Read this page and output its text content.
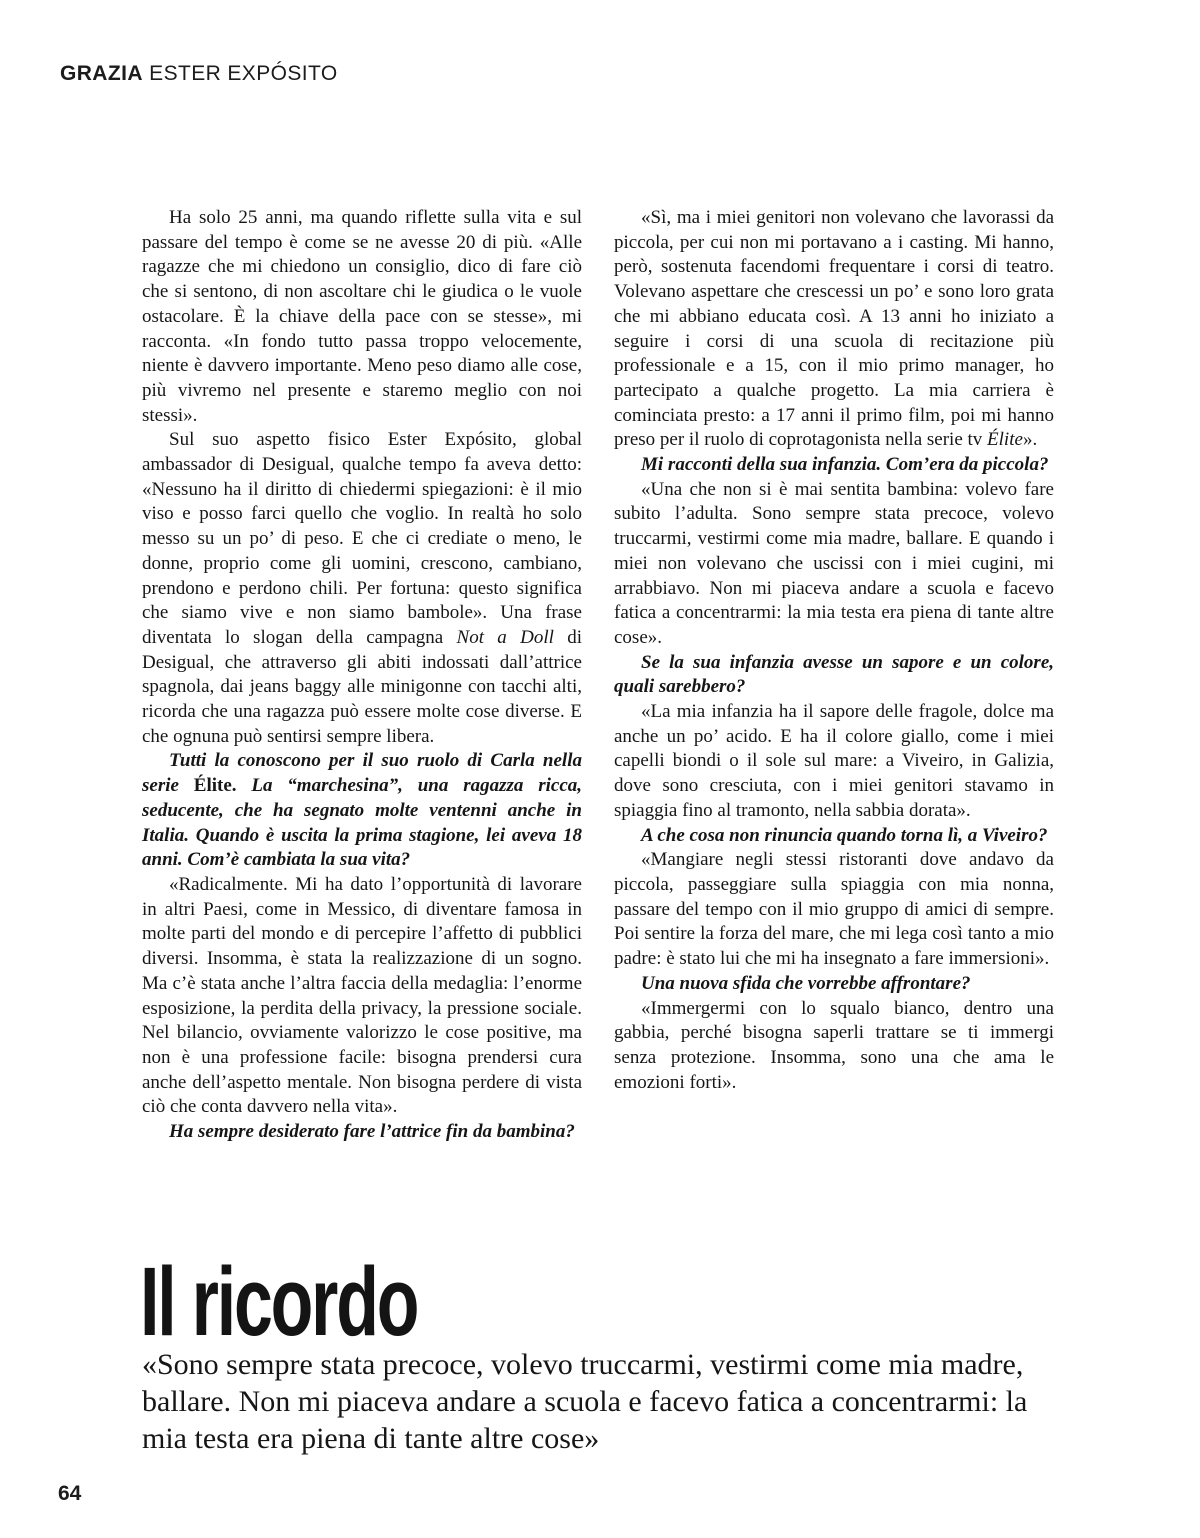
GRAZIA ESTER EXPÓSITO

Ha solo 25 anni, ma quando riflette sulla vita e sul passare del tempo è come se ne avesse 20 di più. «Alle ragazze che mi chiedono un consiglio, dico di fare ciò che si sentono, di non ascoltare chi le giudica o le vuole ostacolare. È la chiave della pace con se stesse», mi racconta. «In fondo tutto passa troppo velocemente, niente è davvero importante. Meno peso diamo alle cose, più vivremo nel presente e staremo meglio con noi stessi».

Sul suo aspetto fisico Ester Expósito, global ambassador di Desigual, qualche tempo fa aveva detto: «Nessuno ha il diritto di chiedermi spiegazioni: è il mio viso e posso farci quello che voglio. In realtà ho solo messo su un po’ di peso. E che ci crediate o meno, le donne, proprio come gli uomini, crescono, cambiano, prendono e perdono chili. Per fortuna: questo significa che siamo vive e non siamo bambole». Una frase diventata lo slogan della campagna Not a Doll di Desigual, che attraverso gli abiti indossati dall’attrice spagnola, dai jeans baggy alle minigonne con tacchi alti, ricorda che una ragazza può essere molte cose diverse. E che ognuna può sentirsi sempre libera.

Tutti la conoscono per il suo ruolo di Carla nella serie Élite. La “marchesina”, una ragazza ricca, seducente, che ha segnato molte ventenni anche in Italia. Quando è uscita la prima stagione, lei aveva 18 anni. Com’è cambiata la sua vita?

«Radicalmente. Mi ha dato l’opportunità di lavorare in altri Paesi, come in Messico, di diventare famosa in molte parti del mondo e di percepire l’affetto di pubblici diversi. Insomma, è stata la realizzazione di un sogno. Ma c’è stata anche l’altra faccia della medaglia: l’enorme esposizione, la perdita della privacy, la pressione sociale. Nel bilancio, ovviamente valorizzo le cose positive, ma non è una professione facile: bisogna prendersi cura anche dell’aspetto mentale. Non bisogna perdere di vista ciò che conta davvero nella vita».

Ha sempre desiderato fare l’attrice fin da bambina?

«Sì, ma i miei genitori non volevano che lavorassi da piccola, per cui non mi portavano a i casting. Mi hanno, però, sostenuta facendomi frequentare i corsi di teatro. Volevano aspettare che crescessi un po’ e sono loro grata che mi abbiano educata così. A 13 anni ho iniziato a seguire i corsi di una scuola di recitazione più professionale e a 15, con il mio primo manager, ho partecipato a qualche progetto. La mia carriera è cominciata presto: a 17 anni il primo film, poi mi hanno preso per il ruolo di coprotagonista nella serie tv Élite».

Mi racconti della sua infanzia. Com’era da piccola?

«Una che non si è mai sentita bambina: volevo fare subito l’adulta. Sono sempre stata precoce, volevo truccarmi, vestirmi come mia madre, ballare. E quando i miei non volevano che uscissi con i miei cugini, mi arrabbiavo. Non mi piaceva andare a scuola e facevo fatica a concentrarmi: la mia testa era piena di tante altre cose».

Se la sua infanzia avesse un sapore e un colore, quali sarebbero?

«La mia infanzia ha il sapore delle fragole, dolce ma anche un po’ acido. E ha il colore giallo, come i miei capelli biondi o il sole sul mare: a Viveiro, in Galizia, dove sono cresciuta, con i miei genitori stavamo in spiaggia fino al tramonto, nella sabbia dorata».

A che cosa non rinuncia quando torna lì, a Viveiro?

«Mangiare negli stessi ristoranti dove andavo da piccola, passeggiare sulla spiaggia con mia nonna, passare del tempo con il mio gruppo di amici di sempre. Poi sentire la forza del mare, che mi lega così tanto a mio padre: è stato lui che mi ha insegnato a fare immersioni».

Una nuova sfida che vorrebbe affrontare?

«Immergermi con lo squalo bianco, dentro una gabbia, perché bisogna saperli trattare se ti immergi senza protezione. Insomma, sono una che ama le emozioni forti».

Il ricordo

«Sono sempre stata precoce, volevo truccarmi, vestirmi come mia madre, ballare. Non mi piaceva andare a scuola e facevo fatica a concentrarmi: la mia testa era piena di tante altre cose»

64
